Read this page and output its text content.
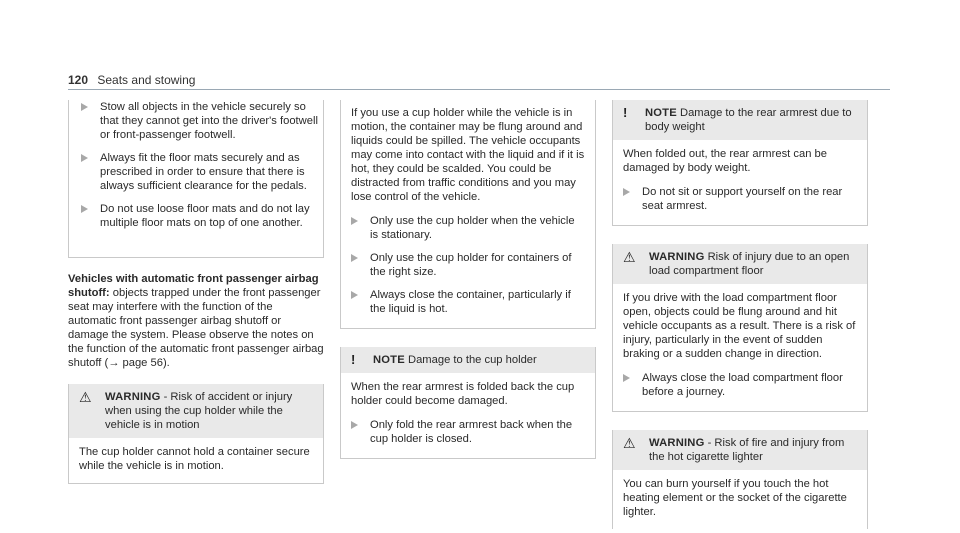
120 Seats and stowing
Stow all objects in the vehicle securely so that they cannot get into the driver's footwell or front-passenger footwell.
Always fit the floor mats securely and as prescribed in order to ensure that there is always sufficient clearance for the pedals.
Do not use loose floor mats and do not lay multiple floor mats on top of one another.

Vehicles with automatic front passenger airbag shutoff: objects trapped under the front passenger seat may interfere with the function of the automatic front passenger airbag shutoff or damage the system. Please observe the notes on the function of the automatic front passenger airbag shutoff (→ page 56).

⚠	WARNING - Risk of accident or injury when using the cup holder while the vehicle is in motion
The cup holder cannot hold a container secure while the vehicle is in motion.

If you use a cup holder while the vehicle is in motion, the container may be flung around and liquids could be spilled. The vehicle occupants may come into contact with the liquid and if it is hot, they could be scalded. You could be distracted from traffic conditions and you may lose control of the vehicle.

Only use the cup holder when the vehicle is stationary.
Only use the cup holder for containers of the right size.
Always close the container, particularly if the liquid is hot.
!	NOTE Damage to the cup holder

When the rear armrest is folded back the cup holder could become damaged.

Only fold the rear armrest back when the cup holder is closed.
!	NOTE Damage to the rear armrest due to body weight

When folded out, the rear armrest can be damaged by body weight.

Do not sit or support yourself on the rear seat armrest.
⚠	WARNING Risk of injury due to an open load compartment floor

If you drive with the load compartment floor open, objects could be flung around and hit vehicle occupants as a result. There is a risk of injury, particularly in the event of sudden braking or a sudden change in direction.

Always close the load compartment floor before a journey.
⚠	WARNING - Risk of fire and injury from the hot cigarette lighter
You can burn yourself if you touch the hot heating element or the socket of the cigarette lighter.
